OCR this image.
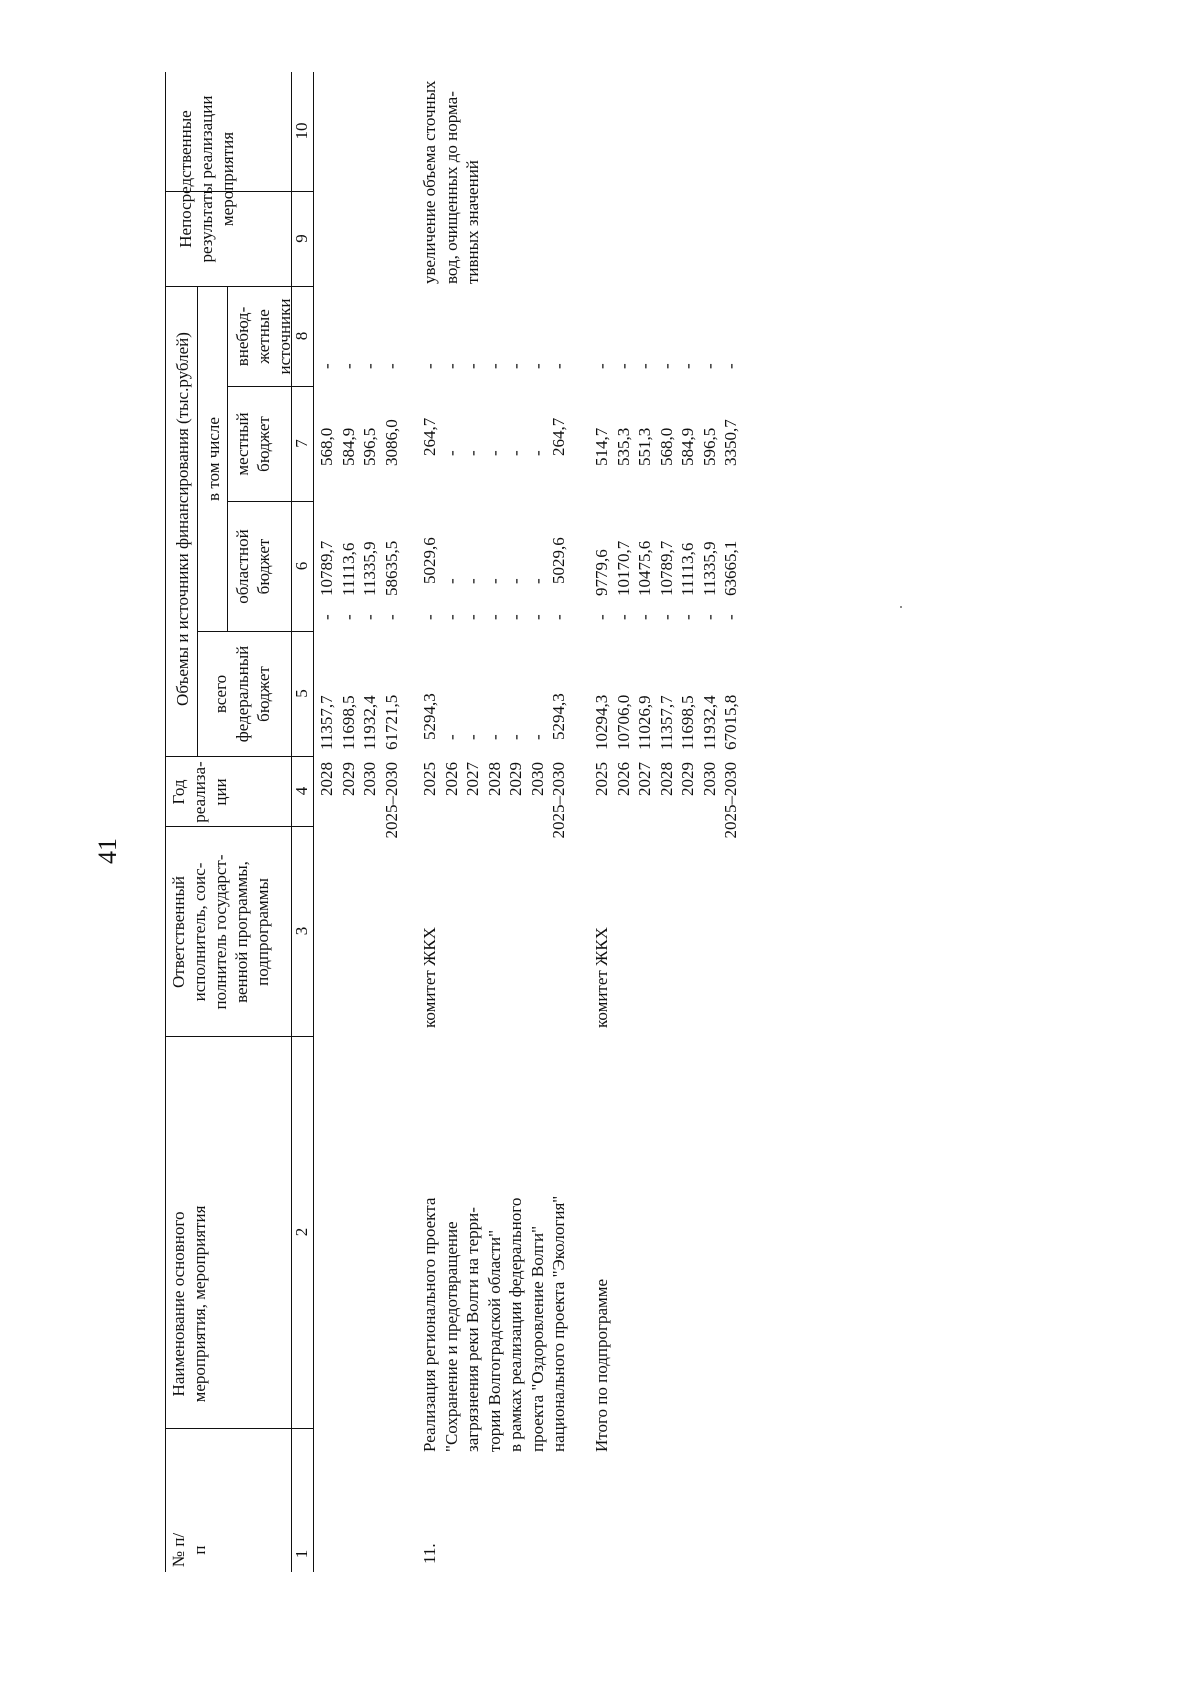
41
№ п/п
Наименование основного мероприятия, мероприятия
Ответственный исполнитель, соис-полнитель государст-венной программы, подпрограммы
Год реализа-ции
Объемы и источники финансирования (тыс.рублей) всего
в том числе
федеральный бюджет
областной бюджет
местный бюджет
внебюд-жетные источники
Непосредственные результаты реализации мероприятия
1
2
3
4
5
6
7
8
9
10
2028 2029 2030 2025–2030
11357,7 11698,5 11932,4 61721,5
- - - -
10789,7 11113,6 11335,9 58635,5
568,0 584,9 596,5 3086,0
- - - -
11.
Реализация регионального проекта "Сохранение и предотвращение загрязнения реки Волги на терри- тории Волгоградской области" в рамках реализации федерального проекта "Оздоровление Волги" национального проекта "Экология"
комитет ЖКХ
2025 2026 2027 2028 2029 2030 2025–2030
5294,3 - - - - - 5294,3
- - - - - - -
5029,6 - - - - - 5029,6
264,7 - - - - - 264,7
- - - - - - -
увеличение объема сточных вод, очищенных до норма- тивных значений
Итого по подпрограмме
комитет ЖКХ
2025 2026 2027 2028 2029 2030 2025–2030
10294,3 10706,0 11026,9 11357,7 11698,5 11932,4 67015,8
- - - - - - -
9779,6 10170,7 10475,6 10789,7 11113,6 11335,9 63665,1
514,7 535,3 551,3 568,0 584,9 596,5 3350,7
- - - - - - -
